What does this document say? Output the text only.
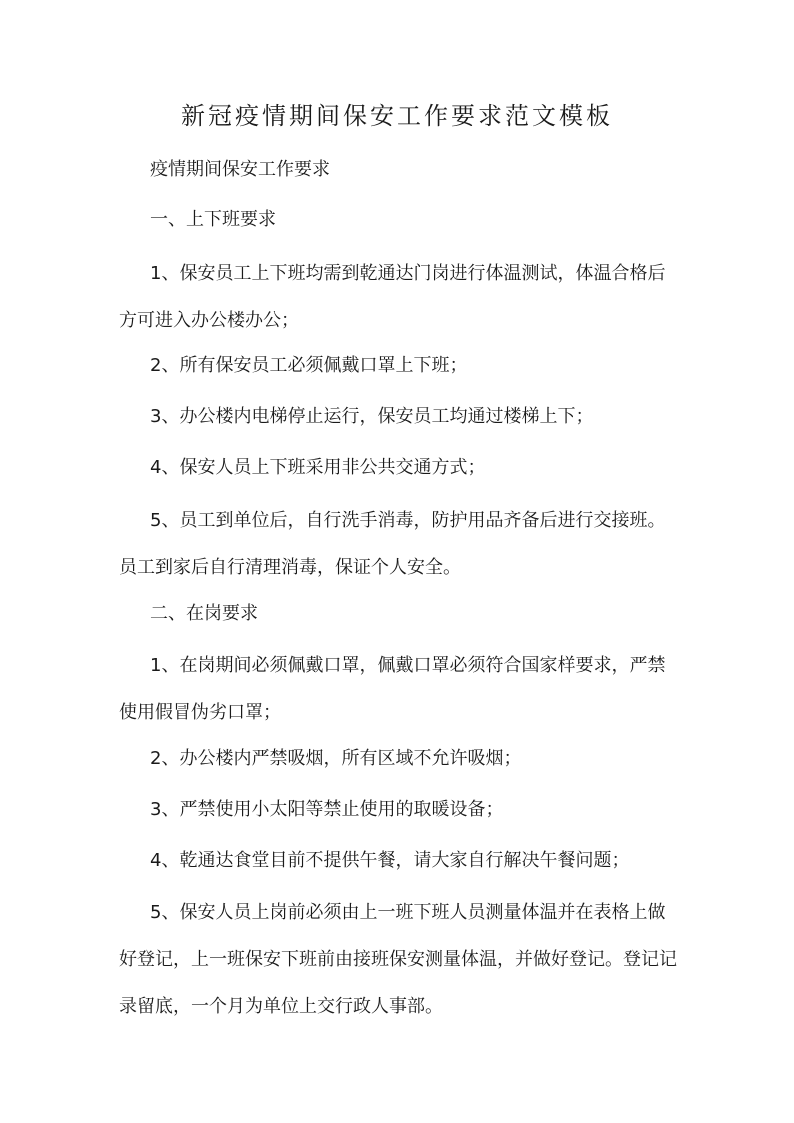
新冠疫情期间保安工作要求范文模板

疫情期间保安工作要求

一、上下班要求

1、保安员工上下班均需到乾通达门岗进行体温测试，体温合格后方可进入办公楼办公；

2、所有保安员工必须佩戴口罩上下班；

3、办公楼内电梯停止运行，保安员工均通过楼梯上下；

4、保安人员上下班采用非公共交通方式；

5、员工到单位后，自行洗手消毒，防护用品齐备后进行交接班。员工到家后自行清理消毒，保证个人安全。

二、在岗要求

1、在岗期间必须佩戴口罩，佩戴口罩必须符合国家样要求，严禁使用假冒伪劣口罩；

2、办公楼内严禁吸烟，所有区域不允许吸烟；

3、严禁使用小太阳等禁止使用的取暖设备；

4、乾通达食堂目前不提供午餐，请大家自行解决午餐问题；

5、保安人员上岗前必须由上一班下班人员测量体温并在表格上做好登记，上一班保安下班前由接班保安测量体温，并做好登记。登记记录留底，一个月为单位上交行政人事部。
